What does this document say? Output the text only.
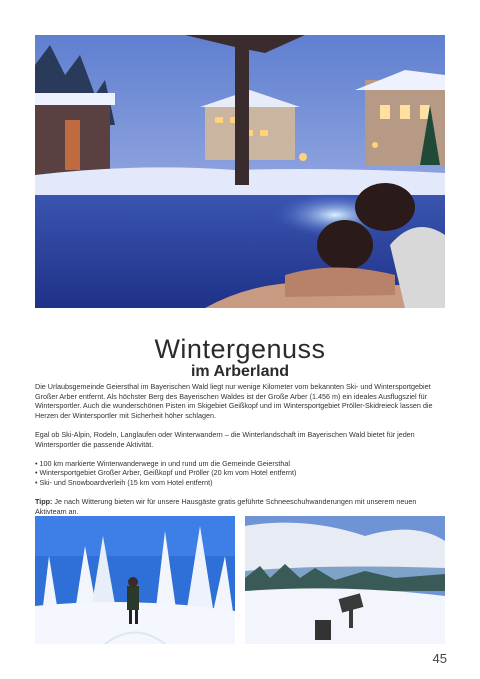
Wintergenuss
im Arberland

Die Urlaubsgemeinde Geiersthal im Bayerischen Wald liegt nur wenige Kilometer vom bekannten Ski- und Wintersportgebiet Großer Arber entfernt. Als höchster Berg des Bayerischen Waldes ist der Große Arber (1.456 m) ein ideales Ausflugsziel für Wintersportler. Auch die wunderschönen Pisten im Skigebiet Geißkopf und im Wintersportgebiet Pröller-Skidreieck lassen die Herzen der Wintersportler mit Sicherheit höher schlagen.

Egal ob Ski-Alpin, Rodeln, Langlaufen oder Winterwandern – die Winterlandschaft im Bayerischen Wald bietet für jeden Wintersportler die passende Aktivität.

• 100 km markierte Winterwanderwege in und rund um die Gemeinde Geiersthal
• Wintersportgebiet Großer Arber, Geißkopf und Pröller (20 km vom Hotel entfernt)
• Ski- und Snowboardverleih (15 km vom Hotel entfernt)

Tipp: Je nach Witterung bieten wir für unsere Hausgäste gratis geführte Schneeschuhwanderungen mit unserem neuen Aktivteam an.

45
